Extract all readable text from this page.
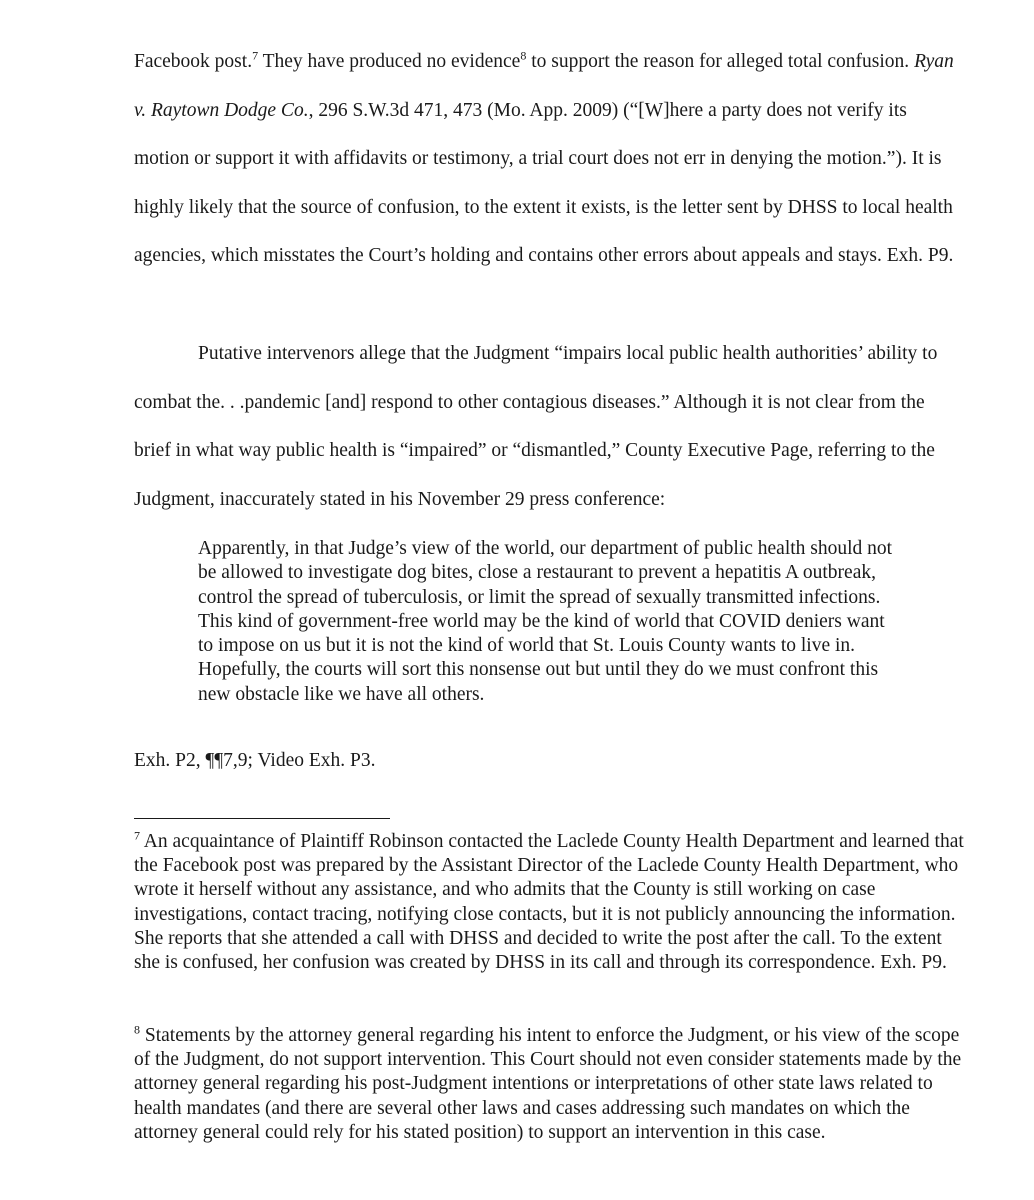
Facebook post.$^7$ They have produced no evidence$^8$ to support the reason for alleged total confusion. Ryan v. Raytown Dodge Co., 296 S.W.3d 471, 473 (Mo. App. 2009) (“[W]here a party does not verify its motion or support it with affidavits or testimony, a trial court does not err in denying the motion.”). It is highly likely that the source of confusion, to the extent it exists, is the letter sent by DHSS to local health agencies, which misstates the Court’s holding and contains other errors about appeals and stays. Exh. P9.

Putative intervenors allege that the Judgment “impairs local public health authorities’ ability to combat the. . .pandemic [and] respond to other contagious diseases.” Although it is not clear from the brief in what way public health is “impaired” or “dismantled,” County Executive Page, referring to the Judgment, inaccurately stated in his November 29 press conference:

Apparently, in that Judge’s view of the world, our department of public health should not be allowed to investigate dog bites, close a restaurant to prevent a hepatitis A outbreak, control the spread of tuberculosis, or limit the spread of sexually transmitted infections. This kind of government-free world may be the kind of world that COVID deniers want to impose on us but it is not the kind of world that St. Louis County wants to live in. Hopefully, the courts will sort this nonsense out but until they do we must confront this new obstacle like we have all others.

Exh. P2, ¶¶7,9; Video Exh. P3.

$^7$ An acquaintance of Plaintiff Robinson contacted the Laclede County Health Department and learned that the Facebook post was prepared by the Assistant Director of the Laclede County Health Department, who wrote it herself without any assistance, and who admits that the County is still working on case investigations, contact tracing, notifying close contacts, but it is not publicly announcing the information. She reports that she attended a call with DHSS and decided to write the post after the call. To the extent she is confused, her confusion was created by DHSS in its call and through its correspondence. Exh. P9.

$^8$ Statements by the attorney general regarding his intent to enforce the Judgment, or his view of the scope of the Judgment, do not support intervention. This Court should not even consider statements made by the attorney general regarding his post-Judgment intentions or interpretations of other state laws related to health mandates (and there are several other laws and cases addressing such mandates on which the attorney general could rely for his stated position) to support an intervention in this case.
